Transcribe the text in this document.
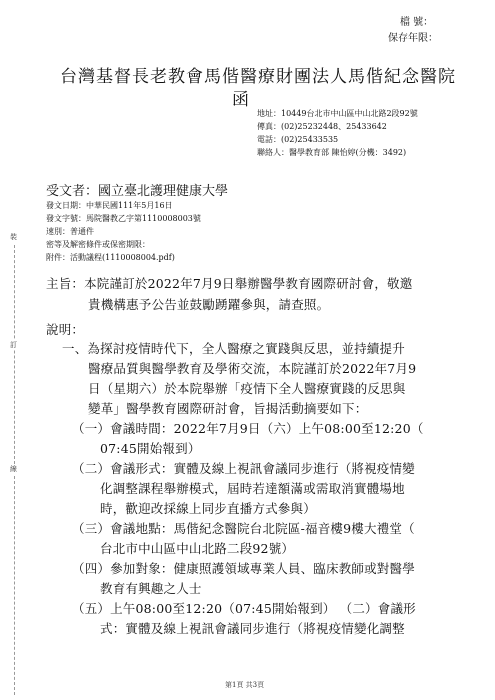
檔 號：
保存年限：
台灣基督長老教會馬偕醫療財團法人馬偕紀念醫院
函
地址：10449台北市中山區中山北路2段92號
傳真：(02)25232448、25433642
電話：(02)25433535
聯絡人：醫學教育部 陳怡婷(分機：3492)
受文者：國立臺北護理健康大學
發文日期：中華民國111年5月16日
發文字號：馬院醫教乙字第1110008003號
速別：普通件
密等及解密條件或保密期限：
附件：活動議程(1110008004.pdf)
裝
訂
線
主旨：本院謹訂於2022年7月9日舉辦醫學教育國際研討會，敬邀
貴機構惠予公告並鼓勵踴躍參與，請查照。
說明：
一、為探討疫情時代下，全人醫療之實踐與反思，並持續提升
醫療品質與醫學教育及學術交流，本院謹訂於2022年7月9
日（星期六）於本院舉辦「疫情下全人醫療實踐的反思與
變革」醫學教育國際研討會，旨揭活動摘要如下：
（一）會議時間：2022年7月9日（六）上午08:00至12:20（
07:45開始報到）
（二）會議形式：實體及線上視訊會議同步進行（將視疫情變
化調整課程舉辦模式，屆時若達額滿或需取消實體場地
時，歡迎改採線上同步直播方式參與）
（三）會議地點：馬偕紀念醫院台北院區-福音樓9樓大禮堂（
台北市中山區中山北路二段92號）
（四）參加對象：健康照護領域專業人員、臨床教師或對醫學
教育有興趣之人士
（五）上午08:00至12:20（07:45開始報到） （二）會議形
式：實體及線上視訊會議同步進行（將視疫情變化調整
第1頁 共3頁
